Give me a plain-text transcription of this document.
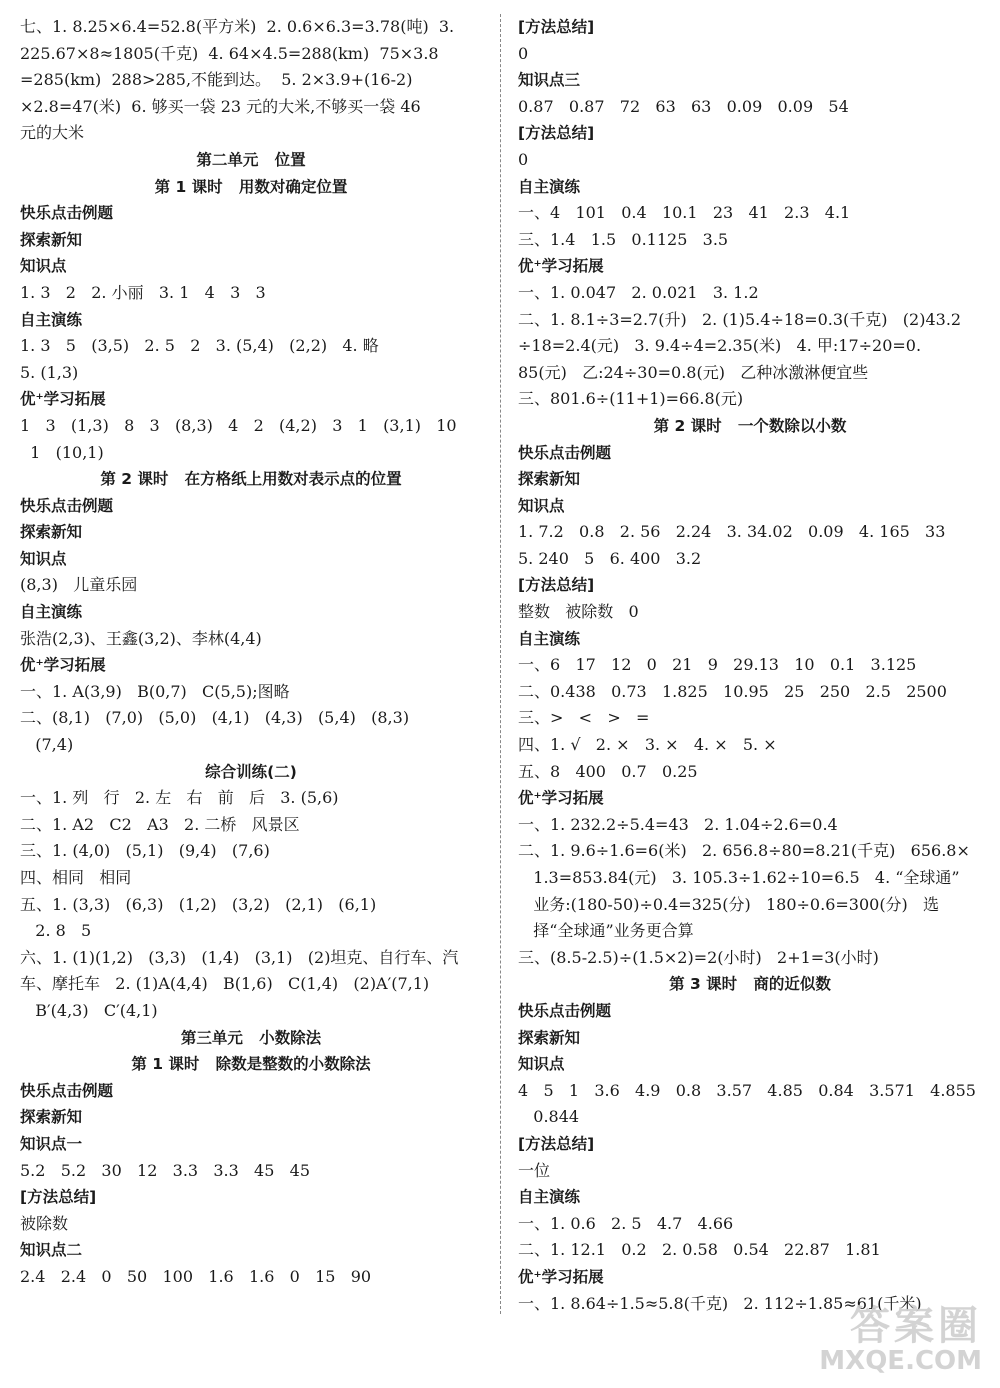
七、1. 8.25×6.4=52.8(平方米)  2. 0.6×6.3=3.78(吨)  3.
225.67×8≈1805(千克)  4. 64×4.5=288(km)  75×3.8
=285(km)  288>285,不能到达。  5. 2×3.9+(16-2)
×2.8=47(米)  6. 够买一袋 23 元的大米,不够买一袋 46
元的大米
第二单元   位置
第 1 课时   用数对确定位置
快乐点击例题
探索新知
知识点
1. 3   2   2. 小丽   3. 1   4   3   3
自主演练
1. 3   5   (3,5)   2. 5   2   3. (5,4)   (2,2)   4. 略
5. (1,3)
优⁺学习拓展
1   3   (1,3)   8   3   (8,3)   4   2   (4,2)   3   1   (3,1)   10
1   (10,1)
第 2 课时   在方格纸上用数对表示点的位置
快乐点击例题
探索新知
知识点
(8,3)   儿童乐园
自主演练
张浩(2,3)、王鑫(3,2)、李林(4,4)
优⁺学习拓展
一、1. A(3,9)   B(0,7)   C(5,5);图略
二、(8,1)   (7,0)   (5,0)   (4,1)   (4,3)   (5,4)   (8,3)
(7,4)
综合训练(二)
一、1. 列   行   2. 左   右   前   后   3. (5,6)
二、1. A2   C2   A3   2. 二桥   风景区
三、1. (4,0)   (5,1)   (9,4)   (7,6)
四、相同   相同
五、1. (3,3)   (6,3)   (1,2)   (3,2)   (2,1)   (6,1)
2. 8   5
六、1. (1)(1,2)   (3,3)   (1,4)   (3,1)   (2)坦克、自行车、汽
车、摩托车   2. (1)A(4,4)   B(1,6)   C(1,4)   (2)A′(7,1)
B′(4,3)   C′(4,1)
第三单元   小数除法
第 1 课时   除数是整数的小数除法
快乐点击例题
探索新知
知识点一
5.2   5.2   30   12   3.3   3.3   45   45
[方法总结]
被除数
知识点二
2.4   2.4   0   50   100   1.6   1.6   0   15   90
[方法总结]
0
知识点三
0.87   0.87   72   63   63   0.09   0.09   54
[方法总结]
0
自主演练
一、4   101   0.4   10.1   23   41   2.3   4.1
三、1.4   1.5   0.1125   3.5
优⁺学习拓展
一、1. 0.047   2. 0.021   3. 1.2
二、1. 8.1÷3=2.7(升)   2. (1)5.4÷18=0.3(千克)   (2)43.2
÷18=2.4(元)   3. 9.4÷4=2.35(米)   4. 甲:17÷20=0.
85(元)   乙:24÷30=0.8(元)   乙种冰激淋便宜些
三、801.6÷(11+1)=66.8(元)
第 2 课时   一个数除以小数
快乐点击例题
探索新知
知识点
1. 7.2   0.8   2. 56   2.24   3. 34.02   0.09   4. 165   33
5. 240   5   6. 400   3.2
[方法总结]
整数   被除数   0
自主演练
一、6   17   12   0   21   9   29.13   10   0.1   3.125
二、0.438   0.73   1.825   10.95   25   250   2.5   2500
三、>   <   >   =
四、1. √   2. ×   3. ×   4. ×   5. ×
五、8   400   0.7   0.25
优⁺学习拓展
一、1. 232.2÷5.4=43   2. 1.04÷2.6=0.4
二、1. 9.6÷1.6=6(米)   2. 656.8÷80=8.21(千克)   656.8×
1.3=853.84(元)   3. 105.3÷1.62÷10=6.5   4. “全球通”
业务:(180-50)÷0.4=325(分)   180÷0.6=300(分)   选
择“全球通”业务更合算
三、(8.5-2.5)÷(1.5×2)=2(小时)   2+1=3(小时)
第 3 课时   商的近似数
快乐点击例题
探索新知
知识点
4   5   1   3.6   4.9   0.8   3.57   4.85   0.84   3.571   4.855
0.844
[方法总结]
一位
自主演练
一、1. 0.6   2. 5   4.7   4.66
二、1. 12.1   0.2   2. 0.58   0.54   22.87   1.81
优⁺学习拓展
一、1. 8.64÷1.5≈5.8(千克)   2. 112÷1.85≈61(千米)
答案圈
MXQE.COM
